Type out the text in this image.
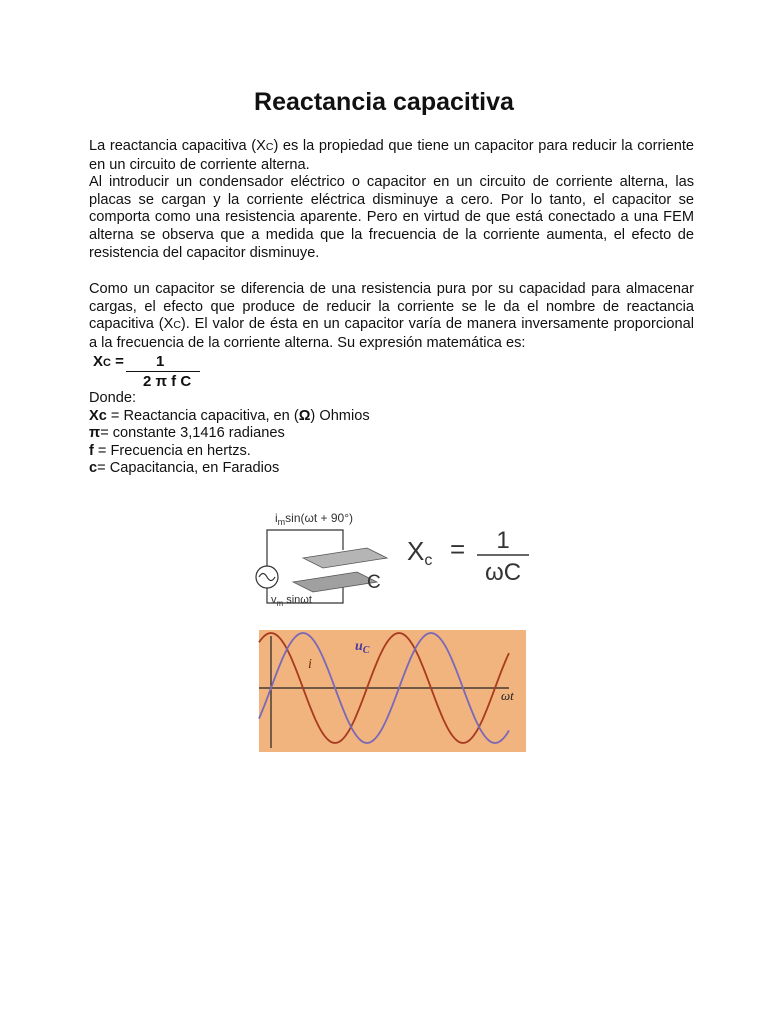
Reactancia capacitiva

La reactancia capacitiva (XC) es la propiedad que tiene un capacitor para reducir la corriente en un circuito de corriente alterna.

Al introducir un condensador eléctrico o capacitor en un circuito de corriente alterna, las placas se cargan y la corriente eléctrica disminuye a cero. Por lo tanto, el capacitor se comporta como una resistencia aparente. Pero en virtud de que está conectado a una FEM alterna se observa que a medida que la frecuencia de la corriente aumenta, el efecto de resistencia del capacitor disminuye.

Como un capacitor se diferencia de una resistencia pura por su capacidad para almacenar cargas, el efecto que produce de reducir la corriente se le da el nombre de reactancia capacitiva (XC). El valor de ésta en un capacitor varía de manera inversamente proporcional a la frecuencia de la corriente alterna. Su expresión matemática es:

XC = 1
2 π f C
Donde:
Xc = Reactancia capacitiva, en (Ω) Ohmios
π= constante 3,1416 radianes
f = Frecuencia en hertzs.
c= Capacitancia, en Faradios
$i_m\sin(\omega t + 90^\circ)$
$v_m$ sinωt
C
Xc = 1
ωC
i
$u_C$
ωt
